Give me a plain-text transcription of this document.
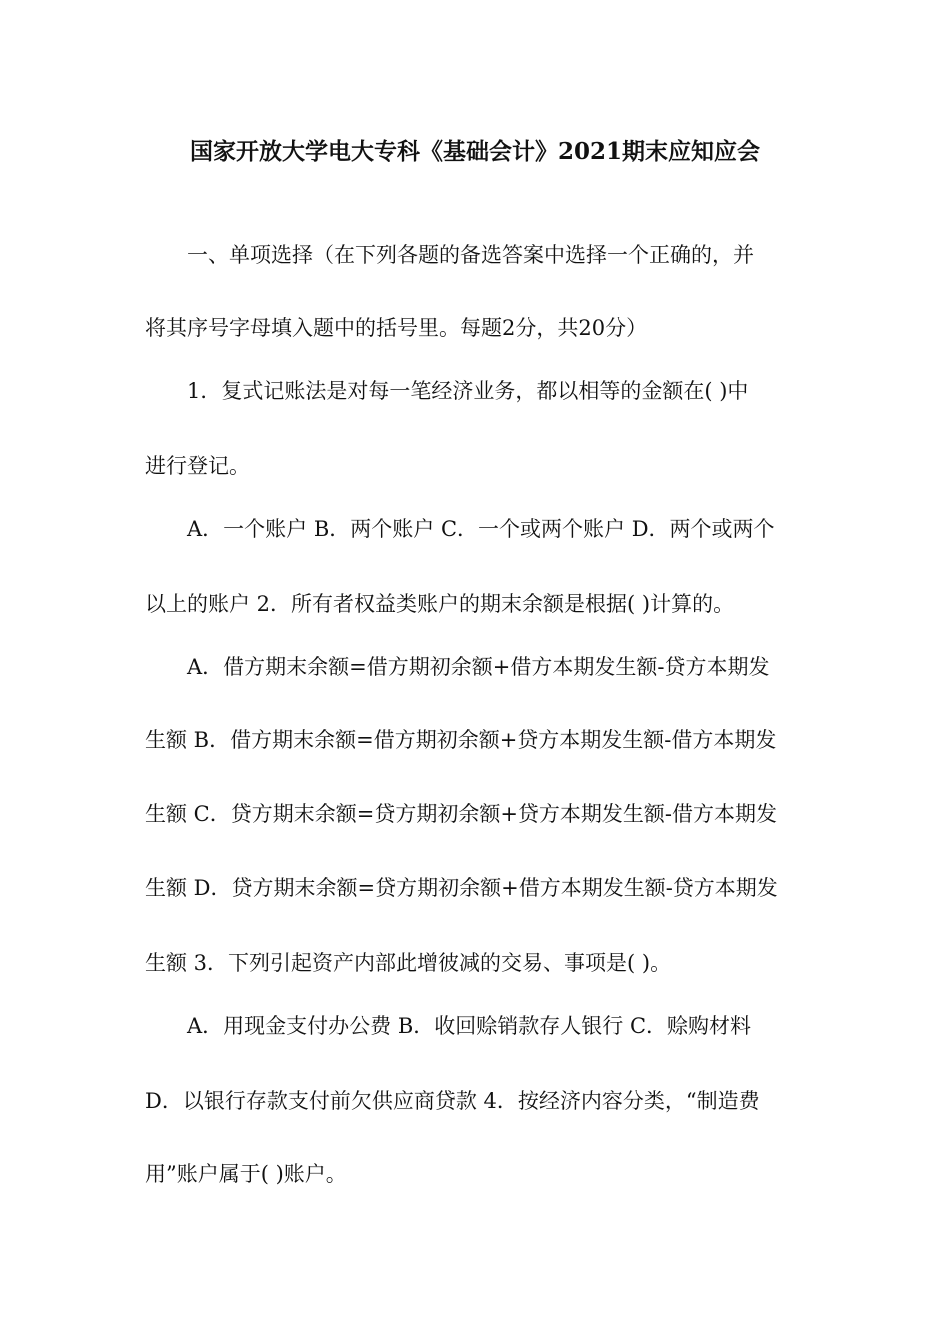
国家开放大学电大专科《基础会计》2021期末应知应会
一、单项选择（在下列各题的备选答案中选择一个正确的，并
将其序号字母填入题中的括号里。每题2分，共20分）
1．复式记账法是对每一笔经济业务，都以相等的金额在( )中
进行登记。
A．一个账户 B．两个账户 C．一个或两个账户 D．两个或两个
以上的账户 2．所有者权益类账户的期末余额是根据( )计算的。
A．借方期末余额=借方期初余额+借方本期发生额-贷方本期发
生额 B．借方期末余额=借方期初余额+贷方本期发生额-借方本期发
生额 C．贷方期末余额=贷方期初余额+贷方本期发生额-借方本期发
生额 D．贷方期末余额=贷方期初余额+借方本期发生额-贷方本期发
生额 3．下列引起资产内部此增彼减的交易、事项是( )。
A．用现金支付办公费 B．收回赊销款存人银行 C．赊购材料
D．以银行存款支付前欠供应商贷款 4．按经济内容分类，“制造费
用”账户属于( )账户。
